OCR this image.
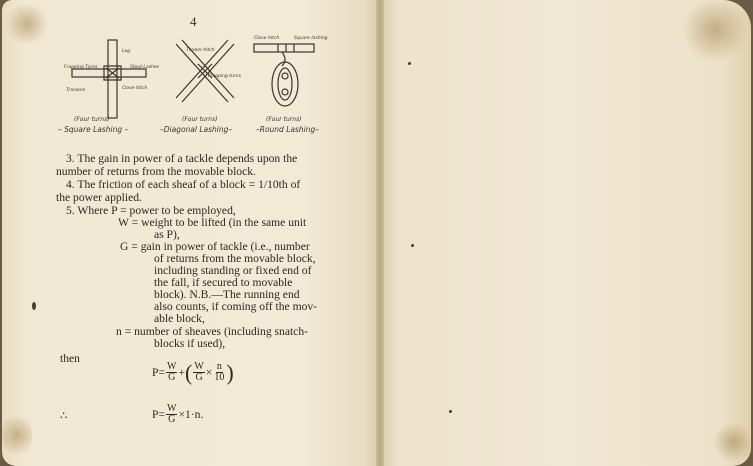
4
Log
Frapping Turns	Stout Lashes
Transom	Clove hitch
Frapping turns
Timber hitch
Clove hitch	Square lashing
(Four turns)	(Four turns)	(Four turns)
– Square Lashing –	–Diagonal Lashing–	–Round Lashing–
3. The gain in power of a tackle depends upon the
number of returns from the movable block.
4. The friction of each sheaf of a block = 1/10th of
the power applied.
5. Where P = power to be employed,
W = weight to be lifted (in the same unit
as P),
G = gain in power of tackle (i.e., number
of returns from the movable block,
including standing or fixed end of
the fall, if secured to movable
block). N.B.—The running end
also counts, if coming off the mov-
able block,
n = number of sheaves (including snatch-
blocks if used),
then
∴
$P= \frac{W}{G}$ + ( $\frac{W}{G} \times \frac{n}{10}$ )
$P= \frac{W}{G} \times 1\cdot n$.
